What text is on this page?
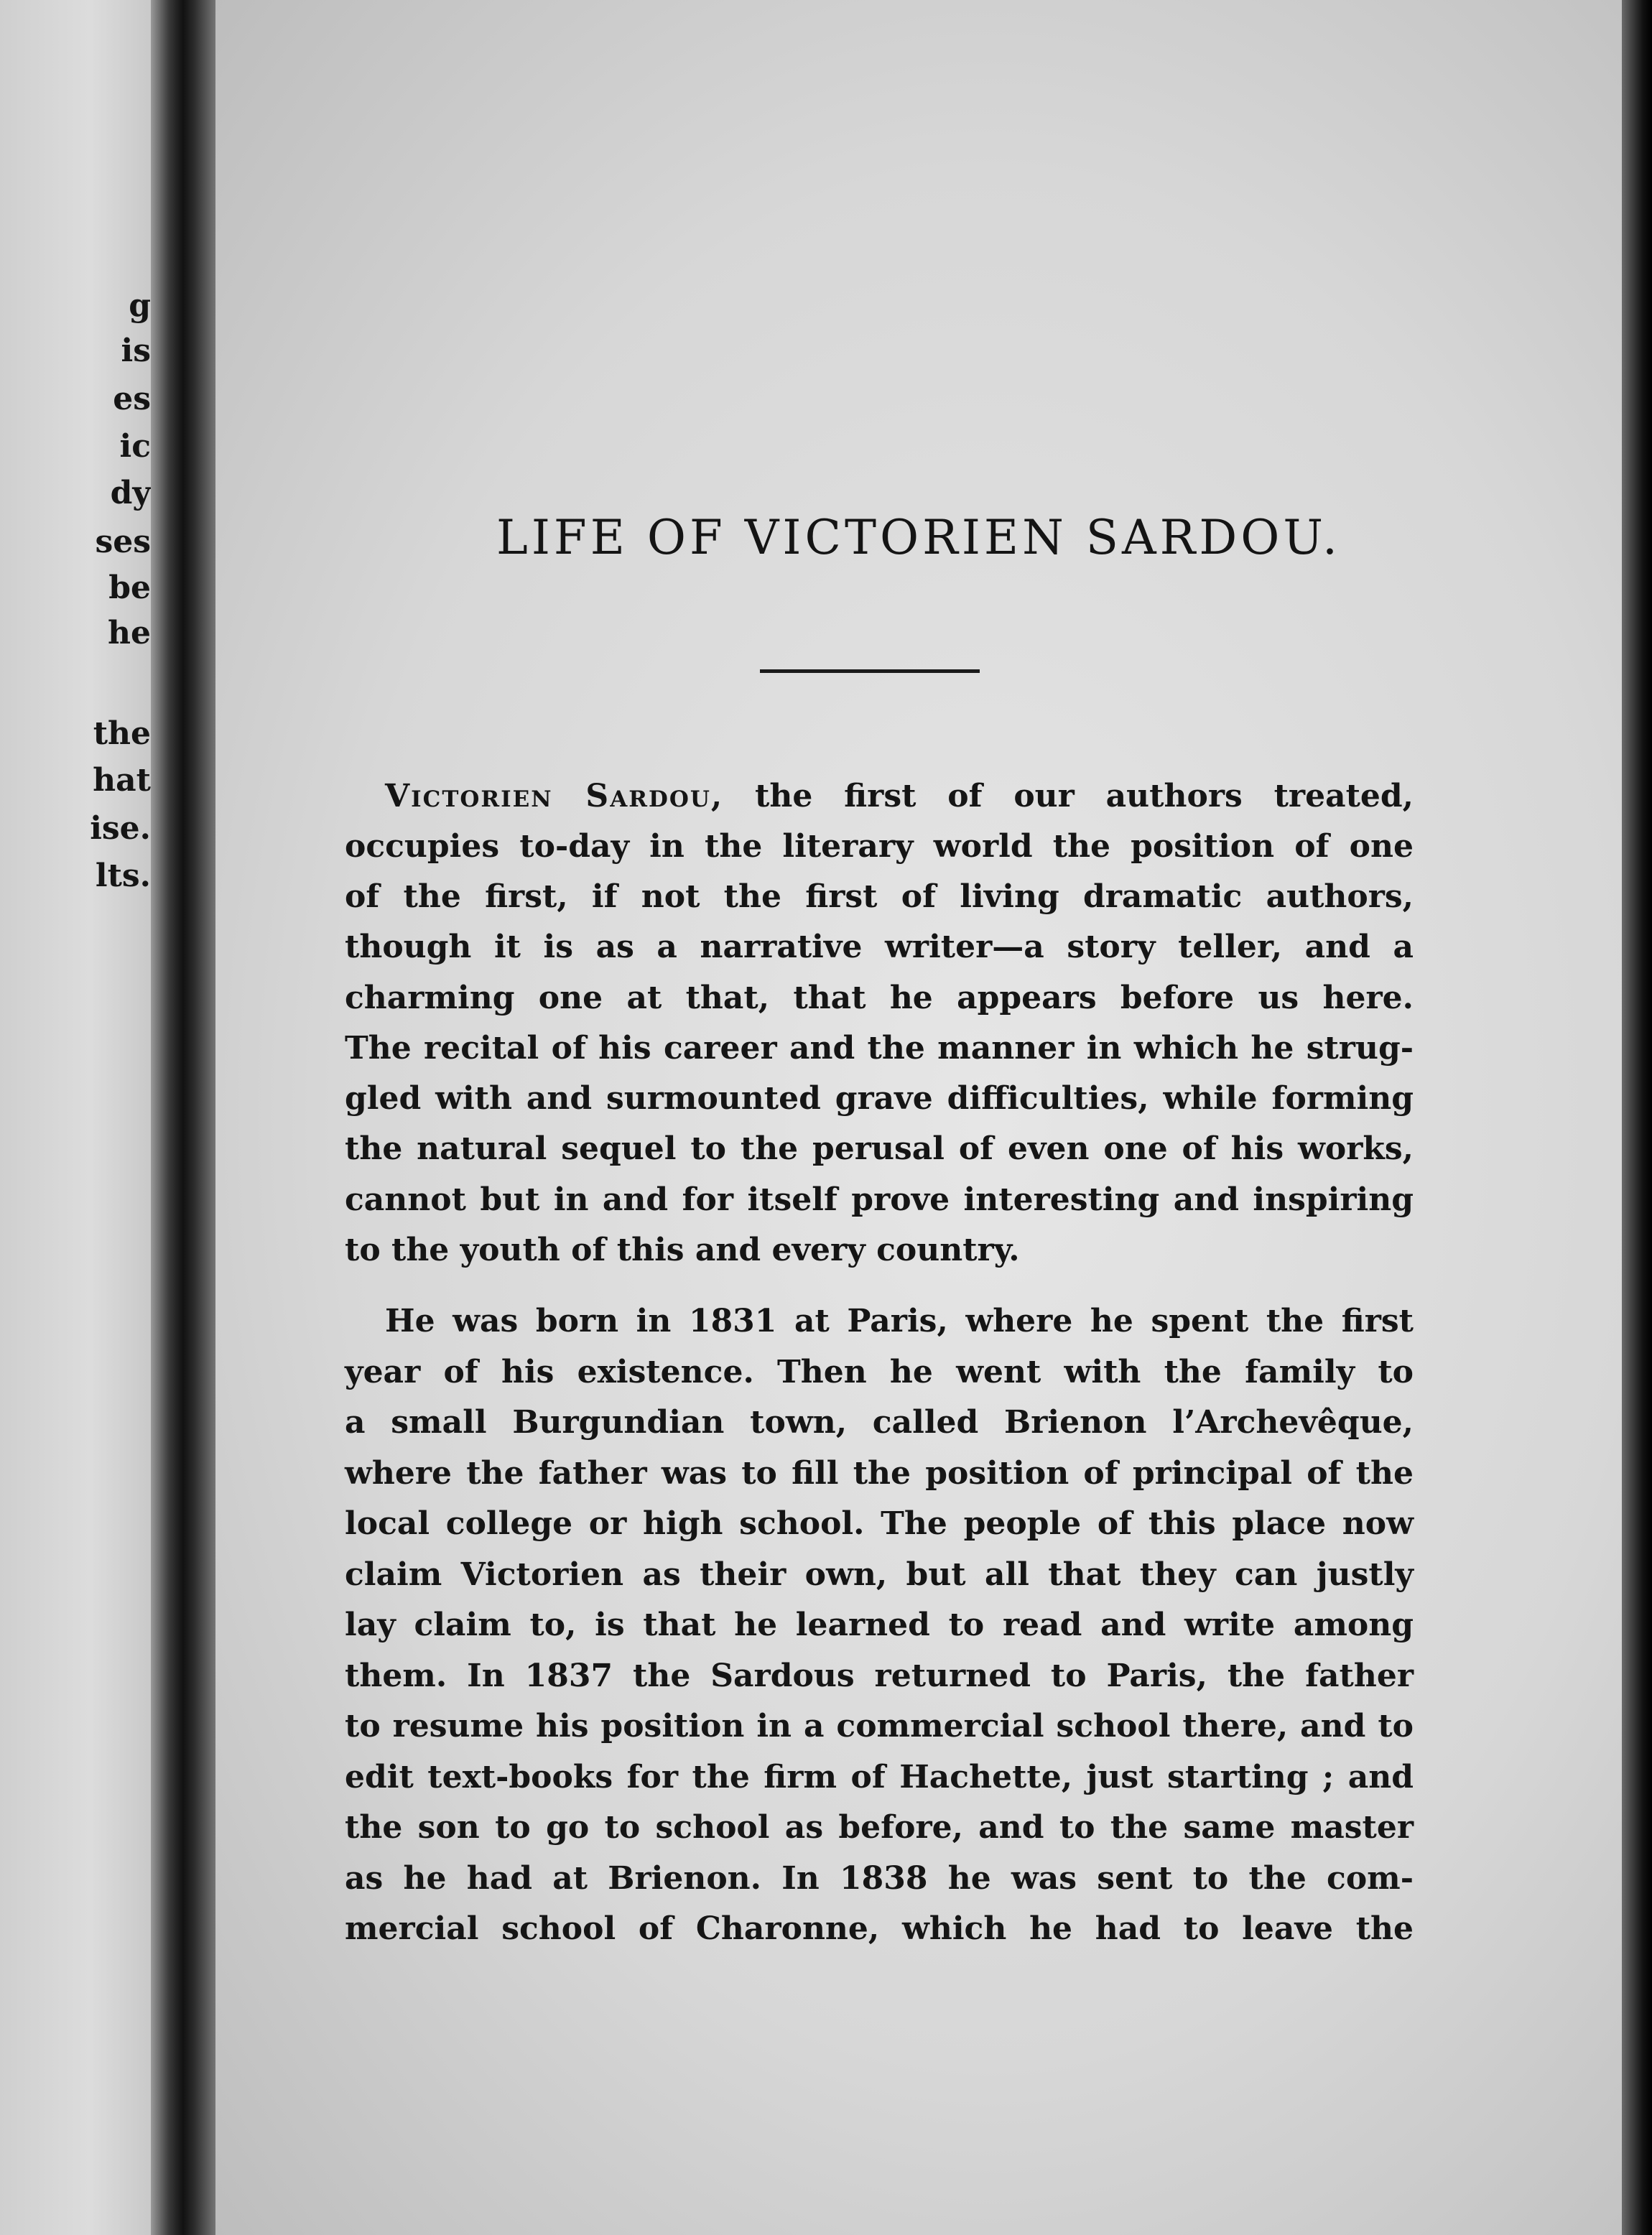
g
is
es
ic
dy
ses
be
he
the
hat
ise.
lts.
LIFE OF VICTORIEN SARDOU.
Victorien Sardou, the first of our authors treated,
occupies to-day in the literary world the position of one
of the first, if not the first of living dramatic authors,
though it is as a narrative writer—a story teller, and a
charming one at that, that he appears before us here.
The recital of his career and the manner in which he strug-
gled with and surmounted grave difficulties, while forming
the natural sequel to the perusal of even one of his works,
cannot but in and for itself prove interesting and inspiring
to the youth of this and every country.
He was born in 1831 at Paris, where he spent the first
year of his existence. Then he went with the family to
a small Burgundian town, called Brienon l’Archevêque,
where the father was to fill the position of principal of the
local college or high school. The people of this place now
claim Victorien as their own, but all that they can justly
lay claim to, is that he learned to read and write among
them. In 1837 the Sardous returned to Paris, the father
to resume his position in a commercial school there, and to
edit text-books for the firm of Hachette, just starting ; and
the son to go to school as before, and to the same master
as he had at Brienon. In 1838 he was sent to the com-
mercial school of Charonne, which he had to leave the
